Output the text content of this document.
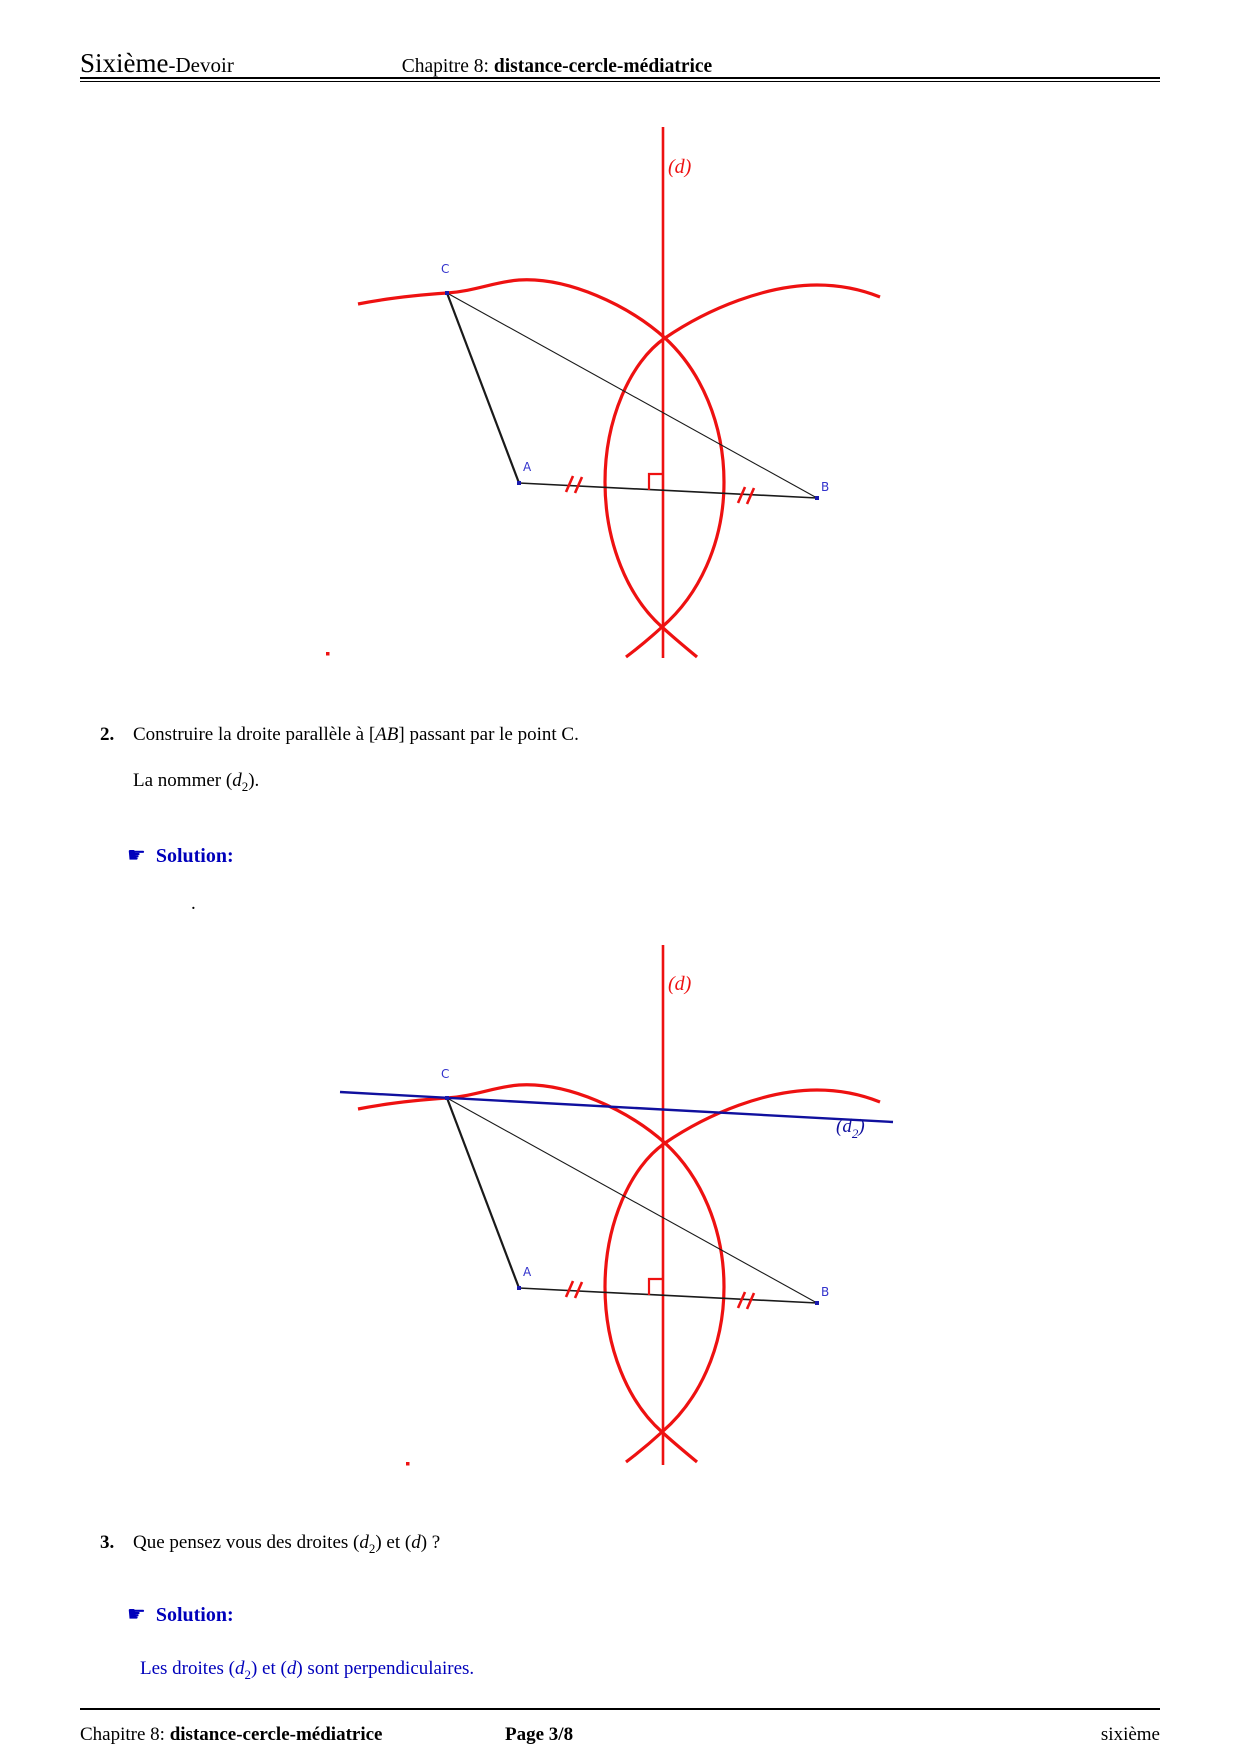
Sixième-Devoir	Chapitre 8: distance-cercle-médiatrice
(d)
C
A
B
2. Construire la droite parallèle à [AB] passant par le point C.
La nommer $(d_2)$.
☛ Solution:
.
(d)
$(d_2)$
C
A
B
3. Que pensez vous des droites $(d_2)$ et (d) ?
☛ Solution:
Les droites $(d_2)$ et (d) sont perpendiculaires.
Chapitre 8: distance-cercle-médiatrice	Page 3/8	sixième
